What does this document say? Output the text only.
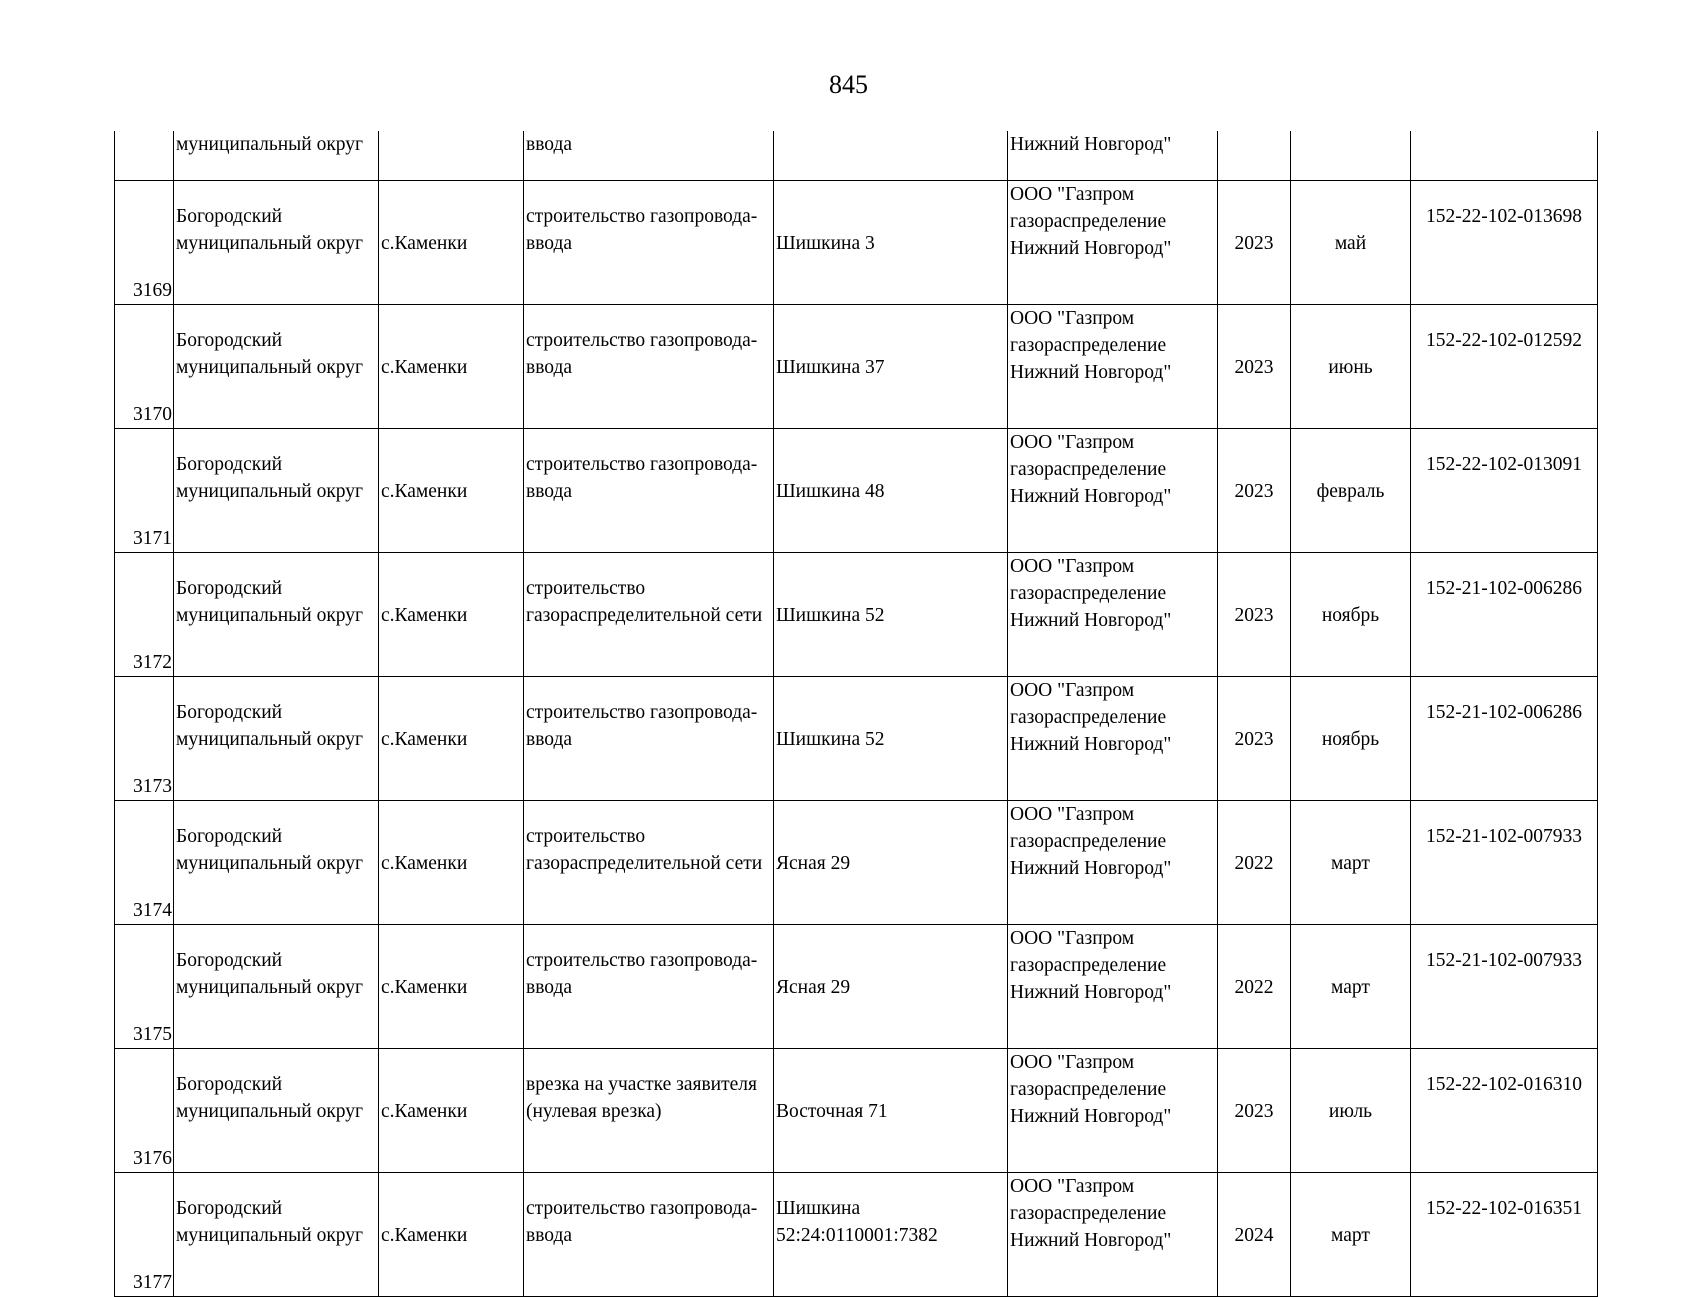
845

	муниципальный округ		ввода		Нижний Новгород"			

3169	Богородский
муниципальный округ	с.Каменки	строительство газопровода-
ввода	Шишкина 3	ООО "Газпром
газораспределение
Нижний Новгород"	2023	май	152-22-102-013698

3170	Богородский
муниципальный округ	с.Каменки	строительство газопровода-
ввода	Шишкина 37	ООО "Газпром
газораспределение
Нижний Новгород"	2023	июнь	152-22-102-012592

3171	Богородский
муниципальный округ	с.Каменки	строительство газопровода-
ввода	Шишкина 48	ООО "Газпром
газораспределение
Нижний Новгород"	2023	февраль	152-22-102-013091

3172	Богородский
муниципальный округ	с.Каменки	строительство
газораспределительной сети	Шишкина 52	ООО "Газпром
газораспределение
Нижний Новгород"	2023	ноябрь	152-21-102-006286

3173	Богородский
муниципальный округ	с.Каменки	строительство газопровода-
ввода	Шишкина 52	ООО "Газпром
газораспределение
Нижний Новгород"	2023	ноябрь	152-21-102-006286

3174	Богородский
муниципальный округ	с.Каменки	строительство
газораспределительной сети	Ясная 29	ООО "Газпром
газораспределение
Нижний Новгород"	2022	март	152-21-102-007933

3175	Богородский
муниципальный округ	с.Каменки	строительство газопровода-
ввода	Ясная 29	ООО "Газпром
газораспределение
Нижний Новгород"	2022	март	152-21-102-007933

3176	Богородский
муниципальный округ	с.Каменки	врезка на участке заявителя
(нулевая врезка)	Восточная 71	ООО "Газпром
газораспределение
Нижний Новгород"	2023	июль	152-22-102-016310

3177	Богородский
муниципальный округ	с.Каменки	строительство газопровода-
ввода	Шишкина
52:24:0110001:7382	ООО "Газпром
газораспределение
Нижний Новгород"	2024	март	152-22-102-016351
